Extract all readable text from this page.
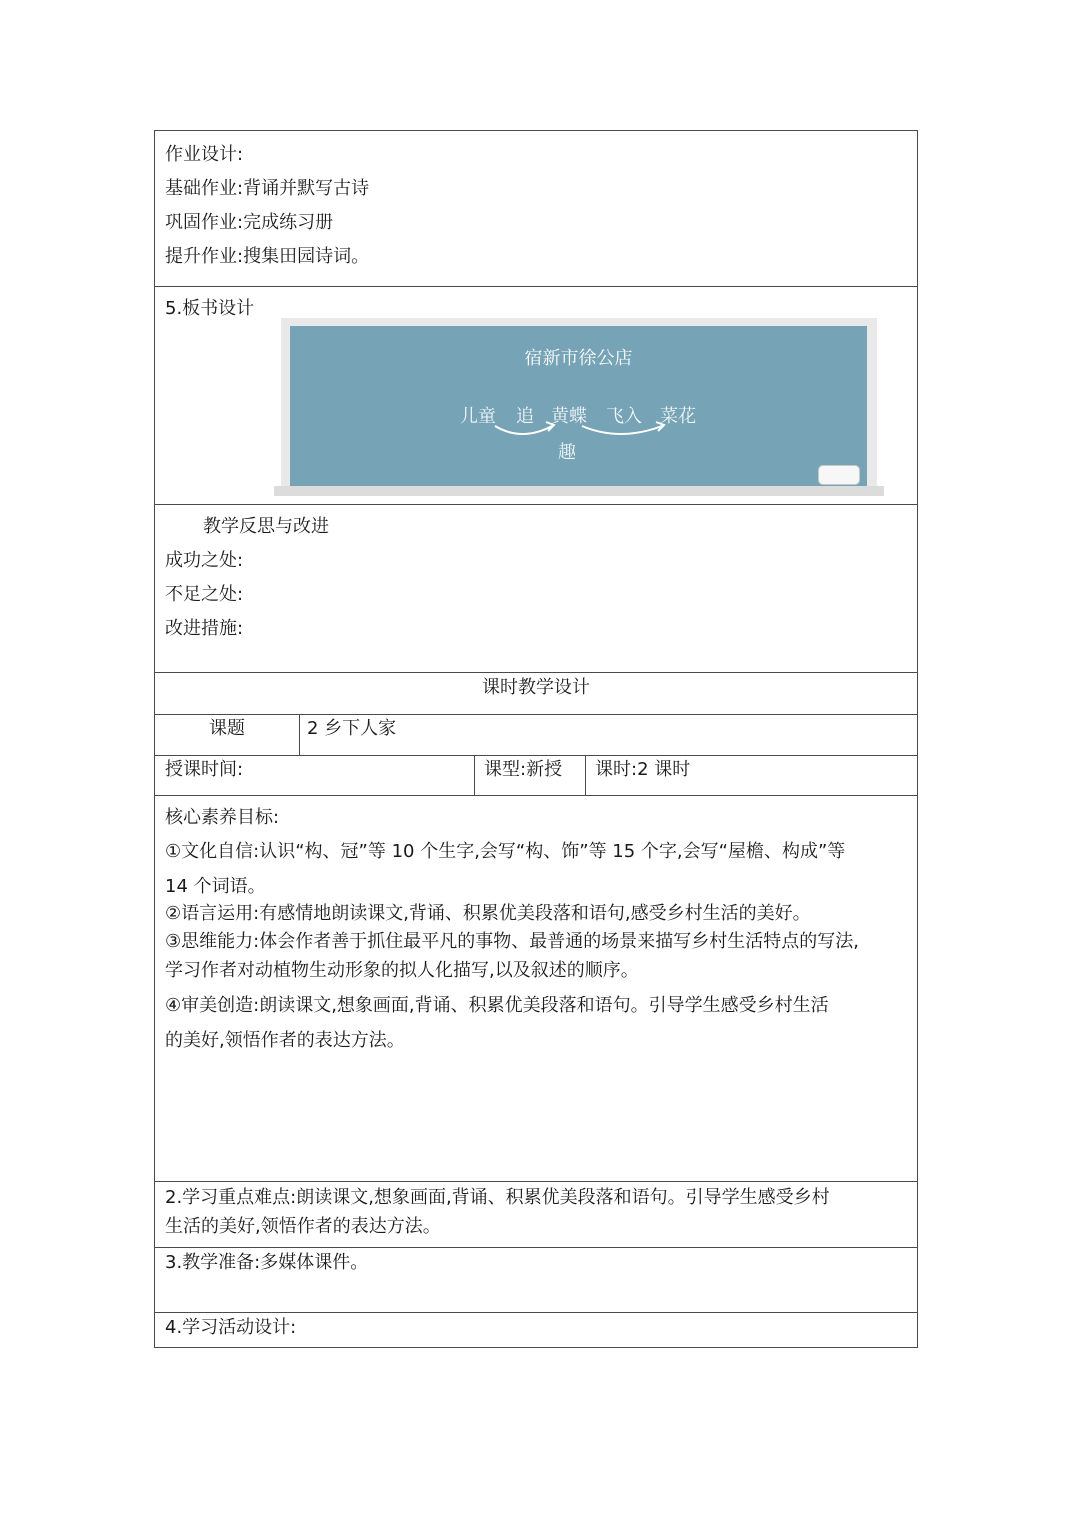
作业设计:
基础作业:背诵并默写古诗
巩固作业:完成练习册
提升作业:搜集田园诗词。
5.板书设计
宿新市徐公店
儿童 追 黄蝶 飞入 菜花
趣
教学反思与改进
成功之处:
不足之处:
改进措施:
课时教学设计
课题	2 乡下人家
授课时间:	课型:新授 课时:2 课时
核心素养目标:
①文化自信:认识“构、冠”等 10 个生字,会写“构、饰”等 15 个字,会写“屋檐、构成”等
14 个词语。
②语言运用:有感情地朗读课文,背诵、积累优美段落和语句,感受乡村生活的美好。
③思维能力:体会作者善于抓住最平凡的事物、最普通的场景来描写乡村生活特点的写法,
学习作者对动植物生动形象的拟人化描写,以及叙述的顺序。
④审美创造:朗读课文,想象画面,背诵、积累优美段落和语句。引导学生感受乡村生活
的美好,领悟作者的表达方法。
2.学习重点难点:朗读课文,想象画面,背诵、积累优美段落和语句。引导学生感受乡村
生活的美好,领悟作者的表达方法。
3.教学准备:多媒体课件。
4.学习活动设计:
